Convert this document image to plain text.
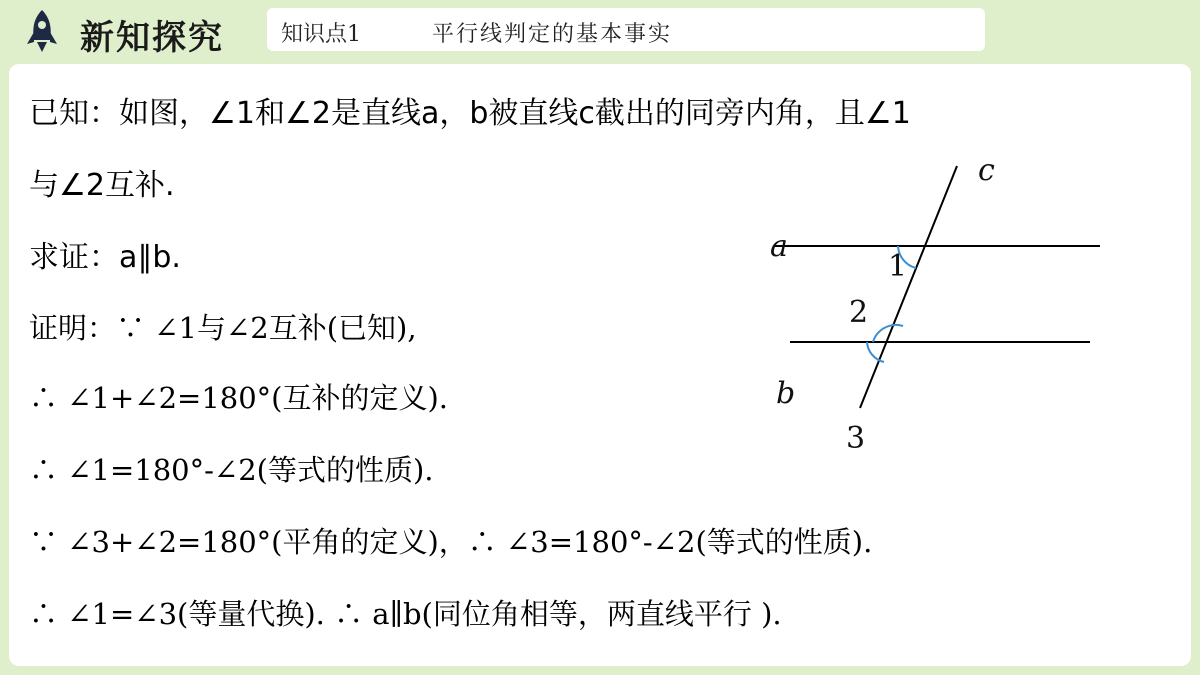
新知探究	知识点1	平行线判定的基本事实
已知：如图，∠1和∠2是直线a，b被直线c截出的同旁内角，且∠1
与∠2互补.
求证：a∥b.
证明：∵ ∠1与∠2互补(已知),
∴ ∠1+∠2=180°(互补的定义).
∴ ∠1=180°-∠2(等式的性质).
∵ ∠3+∠2=180°(平角的定义)，∴ ∠3=180°-∠2(等式的性质).
∴ ∠1=∠3(等量代换). ∴ a∥b(同位角相等，两直线平行 ).
c
a
b
1
2
3
